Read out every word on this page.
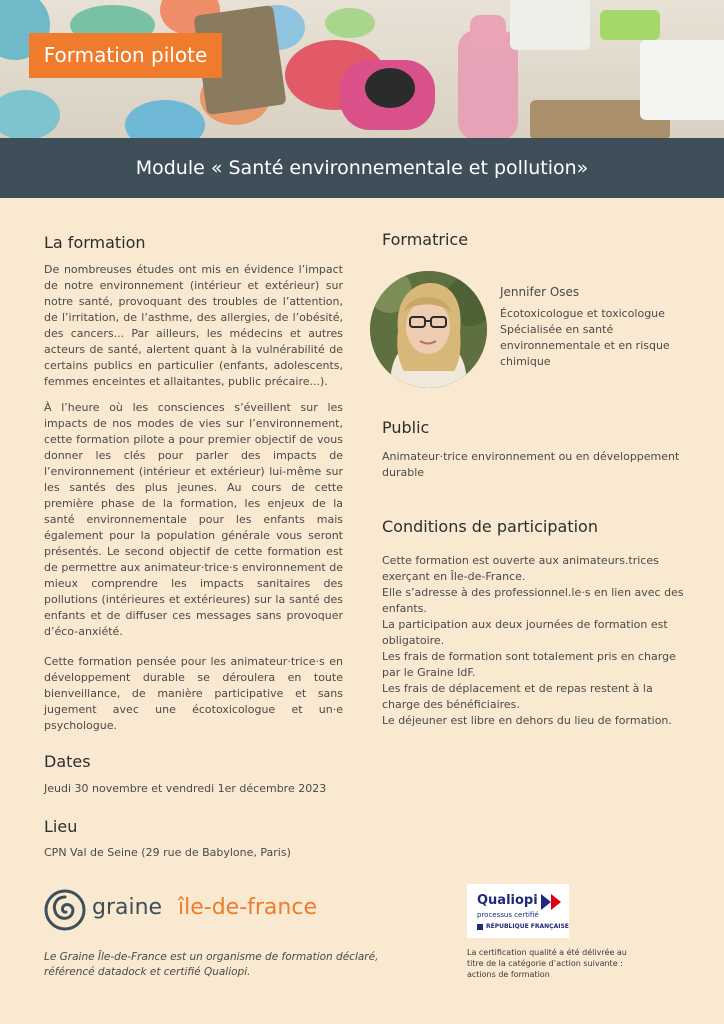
Formation pilote
Module « Santé environnementale et pollution»
La formation
De nombreuses études ont mis en évidence l’impact de notre environnement (intérieur et extérieur) sur notre santé, provoquant des troubles de l’attention, de l’irritation, de l’asthme, des allergies, de l’obésité, des cancers... Par ailleurs, les médecins et autres acteurs de santé, alertent quant à la vulnérabilité de certains publics en particulier (enfants, adolescents, femmes enceintes et allaitantes, public précaire...).
À l’heure où les consciences s’éveillent sur les impacts de nos modes de vies sur l’environnement, cette formation pilote a pour premier objectif de vous donner les clés pour parler des impacts de l’environnement (intérieur et extérieur) lui-même sur les santés des plus jeunes. Au cours de cette première phase de la formation, les enjeux de la santé environnementale pour les enfants mais également pour la population générale vous seront présentés. Le second objectif de cette formation est de permettre aux animateur·trice·s environnement de mieux comprendre les impacts sanitaires des pollutions (intérieures et extérieures) sur la santé des enfants et de diffuser ces messages sans provoquer d’éco-anxiété.
Cette formation pensée pour les animateur·trice·s en développement durable se déroulera en toute bienveillance, de manière participative et sans jugement avec une écotoxicologue et un·e psychologue.
Dates
Jeudi 30 novembre et vendredi 1er décembre 2023
Lieu
CPN Val de Seine (29 rue de Babylone, Paris)
Formatrice
Jennifer Oses
Écotoxicologue et toxicologue
Spécialisée en santé environnementale et en risque chimique
Public
Animateur·trice environnement ou en développement durable
Conditions de participation
Cette formation est ouverte aux animateurs.trices exerçant en Île-de-France.
Elle s’adresse à des professionnel.le·s en lien avec des enfants.
La participation aux deux journées de formation est obligatoire.
Les frais de formation sont totalement pris en charge par le Graine IdF.
Les frais de déplacement et de repas restent à la charge des bénéficiaires.
Le déjeuner est libre en dehors du lieu de formation.
graine île-de-france
Le Graine Île-de-France est un organisme de formation déclaré, référencé datadock et certifié Qualiopi.
Qualiopi
processus certifié
RÉPUBLIQUE FRANÇAISE
La certification qualité a été délivrée au titre de la catégorie d’action suivante : actions de formation
